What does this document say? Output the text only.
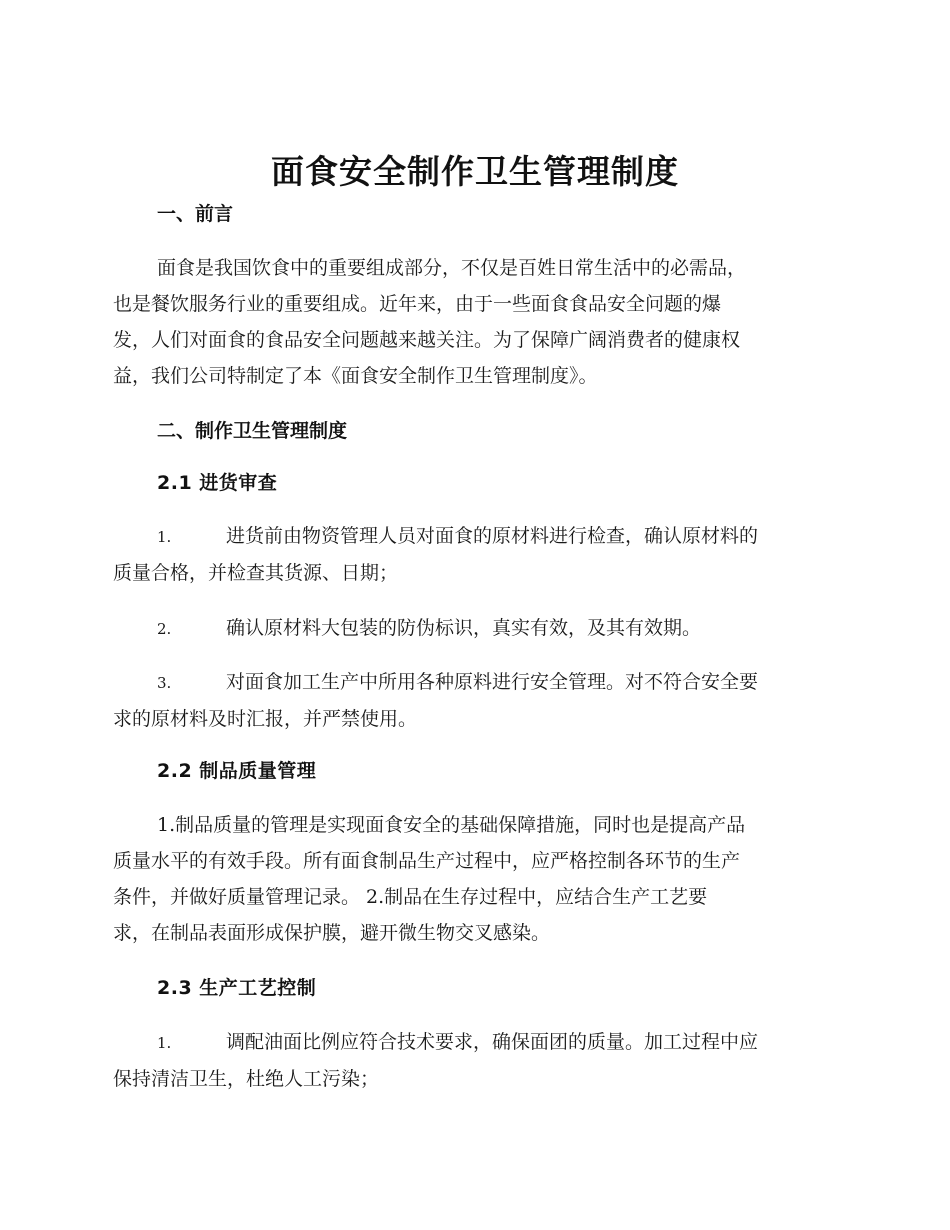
面食安全制作卫生管理制度
一、前言
面食是我国饮食中的重要组成部分，不仅是百姓日常生活中的必需品，
也是餐饮服务行业的重要组成。近年来，由于一些面食食品安全问题的爆
发，人们对面食的食品安全问题越来越关注。为了保障广阔消费者的健康权
益，我们公司特制定了本《面食安全制作卫生管理制度》。
二、制作卫生管理制度
2.1 进货审查
1.	进货前由物资管理人员对面食的原材料进行检查，确认原材料的
质量合格，并检查其货源、日期；
2.	确认原材料大包装的防伪标识，真实有效，及其有效期。
3.	对面食加工生产中所用各种原料进行安全管理。对不符合安全要
求的原材料及时汇报，并严禁使用。
2.2 制品质量管理
1.制品质量的管理是实现面食安全的基础保障措施，同时也是提高产品
质量水平的有效手段。所有面食制品生产过程中，应严格控制各环节的生产
条件，并做好质量管理记录。 2.制品在生存过程中，应结合生产工艺要
求，在制品表面形成保护膜，避开微生物交叉感染。
2.3 生产工艺控制
1.	调配油面比例应符合技术要求，确保面团的质量。加工过程中应
保持清洁卫生，杜绝人工污染；
